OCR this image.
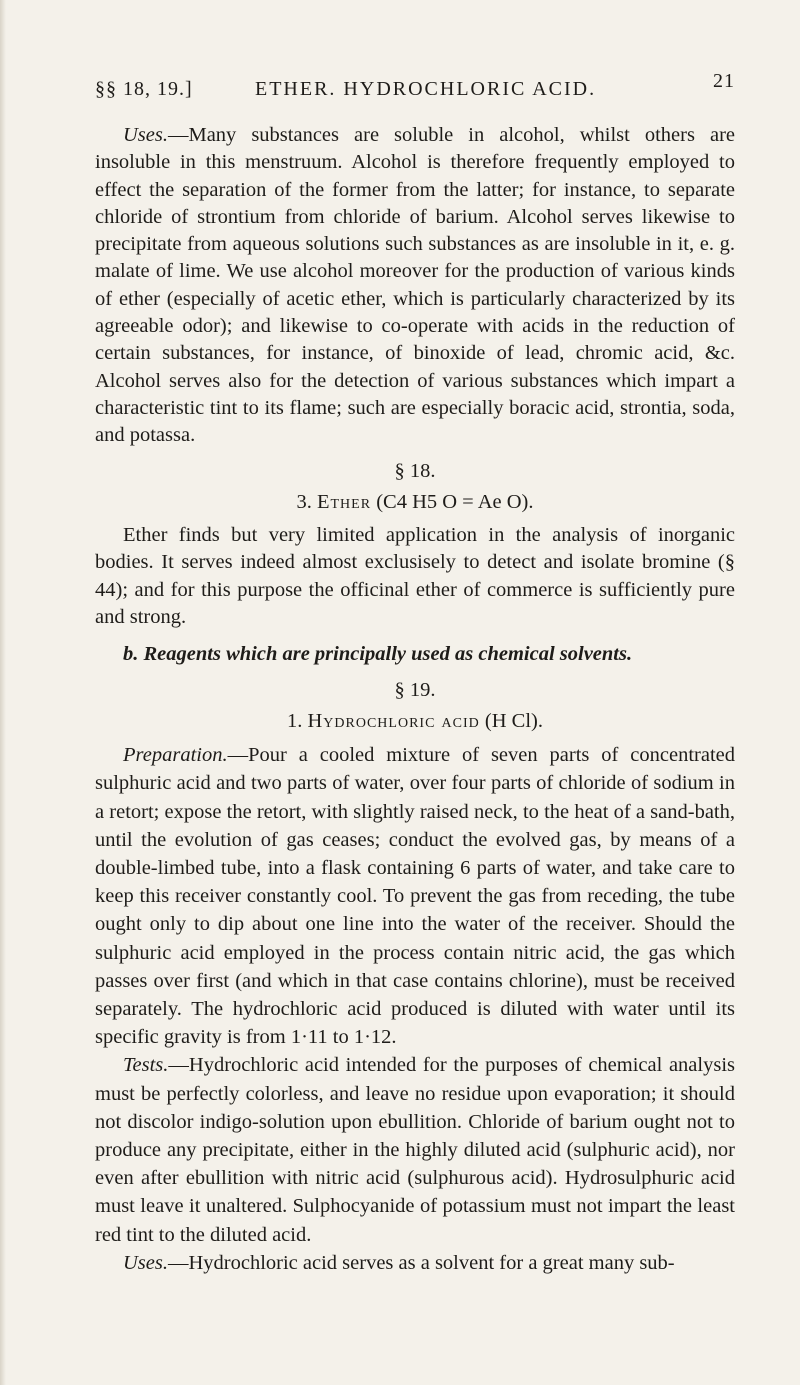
§§ 18, 19.]	ETHER. HYDROCHLORIC ACID.	21

Uses.—Many substances are soluble in alcohol, whilst others are insoluble in this menstruum. Alcohol is therefore frequently employed to effect the separation of the former from the latter; for instance, to separate chloride of strontium from chloride of barium. Alcohol serves likewise to precipitate from aqueous solutions such substances as are insoluble in it, e. g. malate of lime. We use alcohol moreover for the production of various kinds of ether (especially of acetic ether, which is particularly characterized by its agreeable odor); and likewise to co-operate with acids in the reduction of certain substances, for instance, of binoxide of lead, chromic acid, &c. Alcohol serves also for the detection of various substances which impart a characteristic tint to its flame; such are especially boracic acid, strontia, soda, and potassa.

§ 18.

3. Ether (C4 H5 O = Ae O).

Ether finds but very limited application in the analysis of inorganic bodies. It serves indeed almost exclusisely to detect and isolate bromine (§ 44); and for this purpose the officinal ether of commerce is sufficiently pure and strong.

b. Reagents which are principally used as chemical solvents.

§ 19.

1. Hydrochloric acid (H Cl).

Preparation.—Pour a cooled mixture of seven parts of concentrated sulphuric acid and two parts of water, over four parts of chloride of sodium in a retort; expose the retort, with slightly raised neck, to the heat of a sand-bath, until the evolution of gas ceases; conduct the evolved gas, by means of a double-limbed tube, into a flask containing 6 parts of water, and take care to keep this receiver constantly cool. To prevent the gas from receding, the tube ought only to dip about one line into the water of the receiver. Should the sulphuric acid employed in the process contain nitric acid, the gas which passes over first (and which in that case contains chlorine), must be received separately. The hydrochloric acid produced is diluted with water until its specific gravity is from 1·11 to 1·12.

Tests.—Hydrochloric acid intended for the purposes of chemical analysis must be perfectly colorless, and leave no residue upon evaporation; it should not discolor indigo-solution upon ebullition. Chloride of barium ought not to produce any precipitate, either in the highly diluted acid (sulphuric acid), nor even after ebullition with nitric acid (sulphurous acid). Hydrosulphuric acid must leave it unaltered. Sulphocyanide of potassium must not impart the least red tint to the diluted acid.

Uses.—Hydrochloric acid serves as a solvent for a great many sub-
